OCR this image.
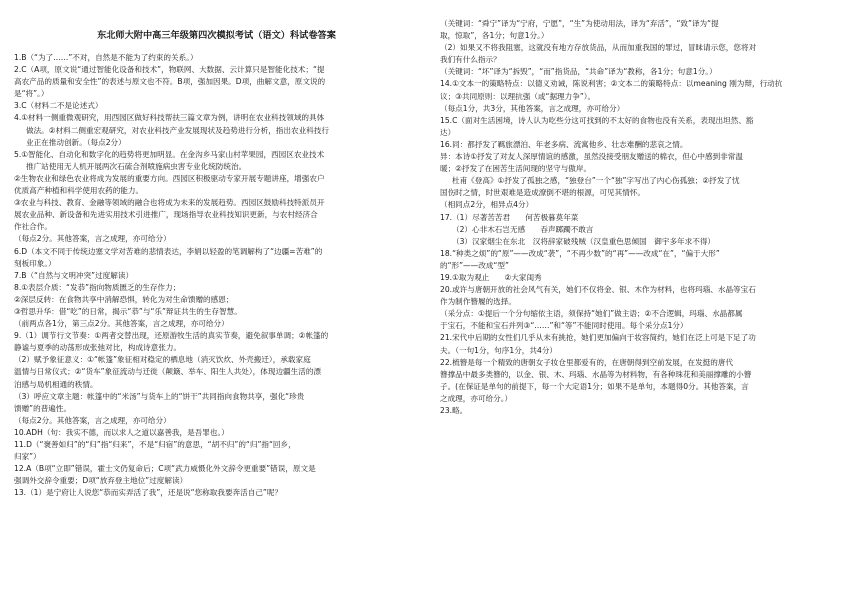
东北师大附中高三年级第四次模拟考试（语文）科试卷答案
1.B（“为了……”不对，自然是不能为了约束的关系。）
2.C（A项，原文说“通过智能化设备和技术”，物联网、大数据、云计算只是智能化技术；“提
高农产品的质量和安全性”的表述与原文也不符。B项，强加因果。D项，曲解文意，原文说的
是“将”。）
3.C（材料二不是论述式）
4.①材料一侧重微观研究，用西园区做好科技帮扶三篇文章为例，讲明在农业科技领域的具体
做法。②材料二侧重宏观研究，对农业科技产业发展现状及趋势进行分析，指出农业科技行
业正在推动创新。（每点2分）
5.①智能化、自动化和数字化的趋势将更加明显。在金沟乡马家山村苹果园，西园区农业技术
推广站使用无人机开展两次石硫合剂喷施病虫害专业化统防统治。
②生物农业和绿色农业将成为发展的重要方向。西园区积极驱动专家开展专题讲座，增强农户
优质高产种植和科学使用农药的能力。
③农业与科技、教育、金融等领域的融合也将成为未来的发展趋势。西园区鼓励科技特派员开
展农业品种、新设备和先进实用技术引进推广，现场指导农业科技知识更新，与农村经济合
作社合作。
（每点2分。其他答案，言之成理，亦可给分）
6.D（本文不同于传统边塞文学对苦难的悲情表达，李娟以轻盈的笔调解构了“边疆=苦难”的
刻板印象。）
7.B（“自然与文明冲突”过度解读）
8.①表层介质：“发恭”指向物质匮乏的生存作力；
②深层反转：在食物共享中消解恐惧，转化为对生命馈赠的感恩；
③哲思升华：借“吃”的日常，揭示“恭”与“乐”辩证共生的生存智慧。
（前两点各1分，第三点2分。其他答案，言之成理，亦可给分）
9.（1）调节行文节奏：①两者交替出现，还原游牧生活的真实节奏，避免叙事单调；②帐篷的
静谧与夏季的动荡形成张弛对比，构成诗意张力。
（2）赋予象征意义：①“帐篷”象征相对稳定的栖息地（消灭饮炊、外壳搬迁），承载家庭
温情与日常仪式；②“货车”象征流动与迁徙（颠簸、举车、阳生人共处），体现边疆生活的漂
泊感与局机相通的秩情。
（3）呼应文章主题：帐篷中的“米汤”与货车上的“饼干”共同指向食物共享，强化“珍贵
馈赠”的普遍性。
（每点2分。其他答案，言之成理，亦可给分）
10.ADH（句：我实不德，而以求人之道以嘉善我，是吾罪也。）
11.D（“褒善如归”的“归”指“归来”，不是“归宿”的意思，“胡不归”的“归”指“回乡，
归家”）
12.A（B项“立即”错误，霍士文仍复命后；C项“武力威慑化外文辞令更重要”错误，原文是
强调外交辞令重要；D项“放弃登主地位”过度解读）
13.（1）是宁府让人说您“恭而实弄活了我”，还是说“您称取我要奔活自己”呢？
（关键词：“舜宁”译为“宁府，宁愿”，“生”为使动用法，译为“弃活”，“致”译为“提
取，惊取”，各1分；句意1分。）
（2）如果又不将我阻塞，这就没有地方存放货品，从而加重我国的罪过，冒昧请示您，您将对
我们有什么指示？
（关键词：“坏”译为“拆毁”，“而”指货品，“共命”译为“教称，各1分；句意1分。）
14.①文本一的策略特点：以德义劝诫，陈说利害；②文本二的策略特点：以meaning 刚为辩，行动抗
议；③共同原则：以理抗强（或“据理力争”）。
（每点1分，共3分，其他答案，言之成理，亦可给分）
15.C（面对生活困境，诗人认为吃些分这可找到的不太好的食物也没有关系，表现出坦然、豁
达）
16.同：都抒发了羁旅漂泊、年老多病、流寓他乡、壮志难酬的悲哀之情。
异：本诗①抒发了对友人深厚情谊的感激，虽然没接受朋友赠送的棉衣，但心中感到非常温
暖；②抒发了在困苦生活间现的坚守与傲岸。
杜甫《登高》①抒发了孤独之感，“独登台”一个“独”字写出了内心伤孤独；②抒发了忧
国伤时之情，时世艰难是造成潦倒不堪的根源，可见其情怀。
（相同点2分，相异点4分）
17.（1）尽著苦苦君　　何苦极暮莫年菜
（2）心非木石岂无感　　吞声踯躅不敢言
（3）汉家烟尘在东北　汉将辞家破残贼（汉皇重色思倾国　御宇多年求不得）
18.“种类之烦”的“原”——改成“袭”，“不再少数”的“再”——改成“在”，“偏于大形”
的“形”——改成“型”
19.①取为观止　　②大家闺秀
20.或许与唐朝开放的社会风气有关，她们不仅将金、银、木作为材料，也将玛瑙、水晶等宝石
作为制作簪履的选择。
（采分点：①提后一个分句缩依主语，须保持“她们”做主语；②不合逻辑，玛瑙、水晶都属
于宝石，不能和宝石并列③“……”和“等”不能同时使用。每个采分点1分）
21.宋代中后期的女性们几乎从未有挑抢，她们更加偏向于妆容简约，她们在泛上可是下足了功
夫。（一句1分，句序1分，共4分）
22.梳簪是每一个精致的唐朝女子妆仓里都爱有的，在唐朝得到空前发展，在发挺的唐代
簪撑品中最多类簪的，以金、银、木、玛瑙、水晶等为材料物，有各种珠花和美丽撑雕的小簪
子。(在保证是单句的前提下，每一个大定语1分；如果不是单句，本题得0分。其他答案，言
之成理，亦可给分。）
23.略。
